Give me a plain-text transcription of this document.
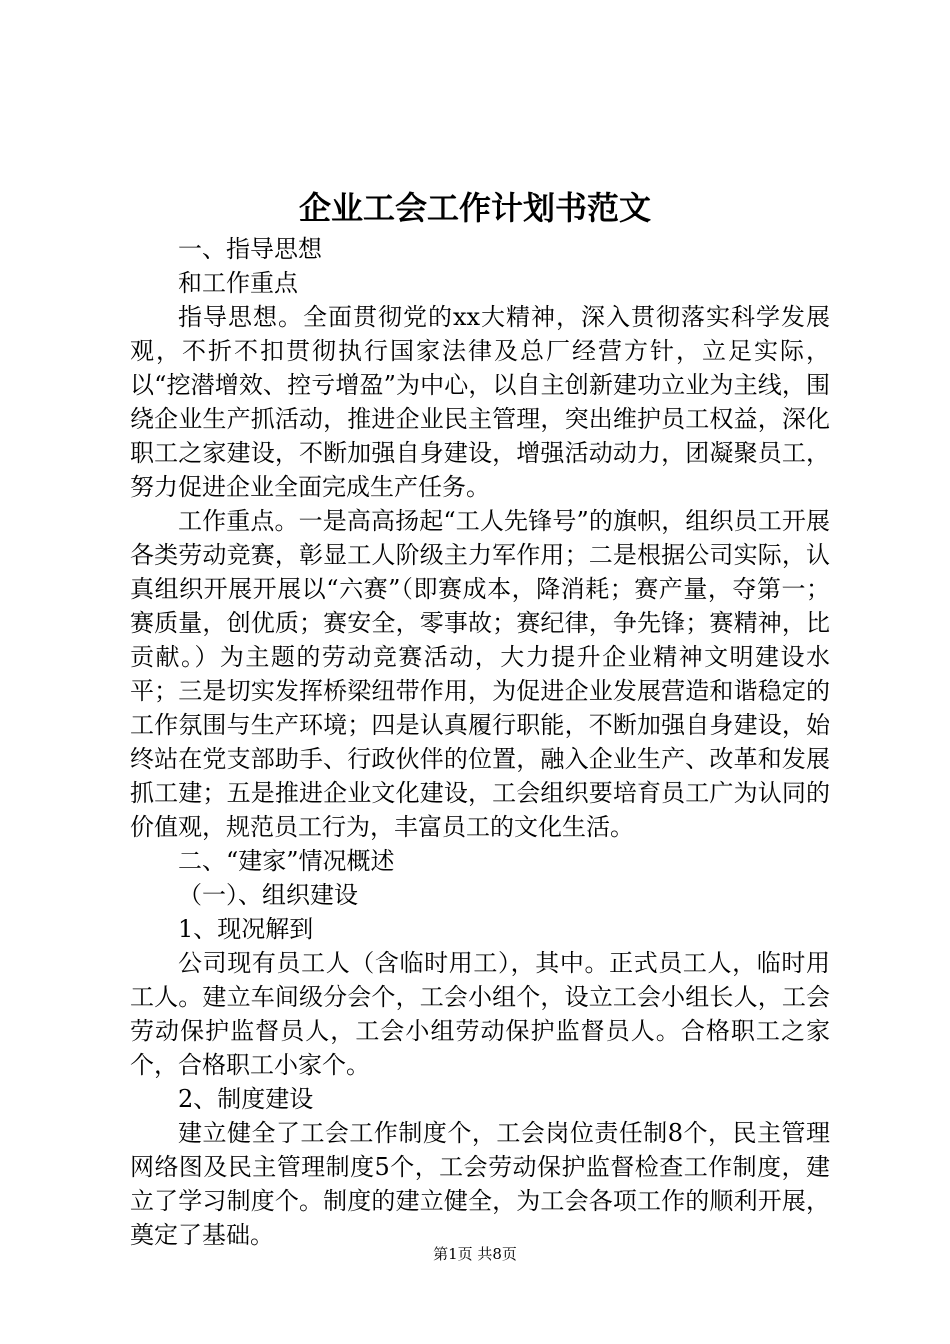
企业工会工作计划书范文

一、指导思想

和工作重点

指导思想。全面贯彻党的xx大精神，深入贯彻落实科学发展观，不折不扣贯彻执行国家法律及总厂经营方针，立足实际，以“挖潜增效、控亏增盈”为中心，以自主创新建功立业为主线，围绕企业生产抓活动，推进企业民主管理，突出维护员工权益，深化职工之家建设，不断加强自身建设，增强活动动力，团凝聚员工，努力促进企业全面完成生产任务。

工作重点。一是高高扬起“工人先锋号”的旗帜，组织员工开展各类劳动竞赛，彰显工人阶级主力军作用；二是根据公司实际，认真组织开展开展以“六赛”（即赛成本，降消耗；赛产量，夺第一；赛质量，创优质；赛安全，零事故；赛纪律，争先锋；赛精神，比贡献。）为主题的劳动竞赛活动，大力提升企业精神文明建设水平；三是切实发挥桥梁纽带作用，为促进企业发展营造和谐稳定的工作氛围与生产环境；四是认真履行职能，不断加强自身建设，始终站在党支部助手、行政伙伴的位置，融入企业生产、改革和发展抓工建；五是推进企业文化建设，工会组织要培育员工广为认同的价值观，规范员工行为，丰富员工的文化生活。

二、“建家”情况概述

（一）、组织建设

1、现况解到

公司现有员工人（含临时用工），其中。正式员工人，临时用工人。建立车间级分会个，工会小组个，设立工会小组长人，工会劳动保护监督员人，工会小组劳动保护监督员人。合格职工之家个，合格职工小家个。

2、制度建设

建立健全了工会工作制度个，工会岗位责任制8个，民主管理网络图及民主管理制度5个，工会劳动保护监督检查工作制度，建立了学习制度个。制度的建立健全，为工会各项工作的顺利开展，奠定了基础。

第1页 共8页
